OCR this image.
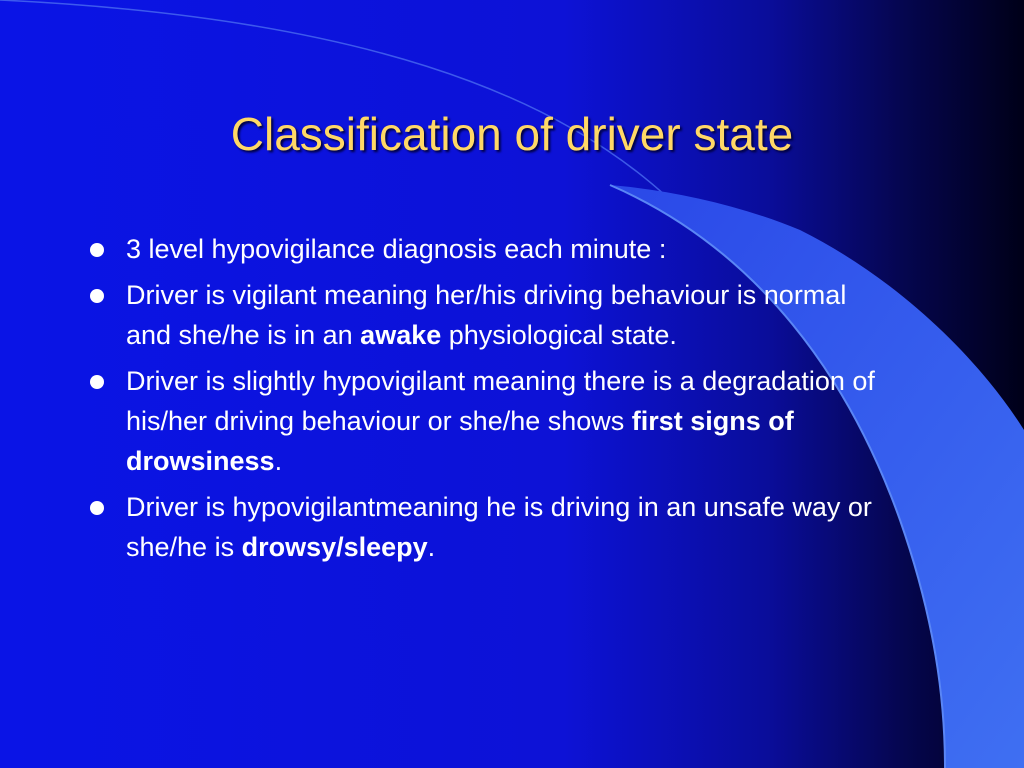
Classification of driver state
3 level hypovigilance diagnosis each minute :
Driver is vigilant meaning her/his driving behaviour is normal and she/he is in an awake physiological state.
Driver is slightly hypovigilant meaning there is a degradation of his/her driving behaviour or she/he shows first signs of drowsiness.
Driver is hypovigilantmeaning he is driving in an unsafe way or she/he is drowsy/sleepy.
